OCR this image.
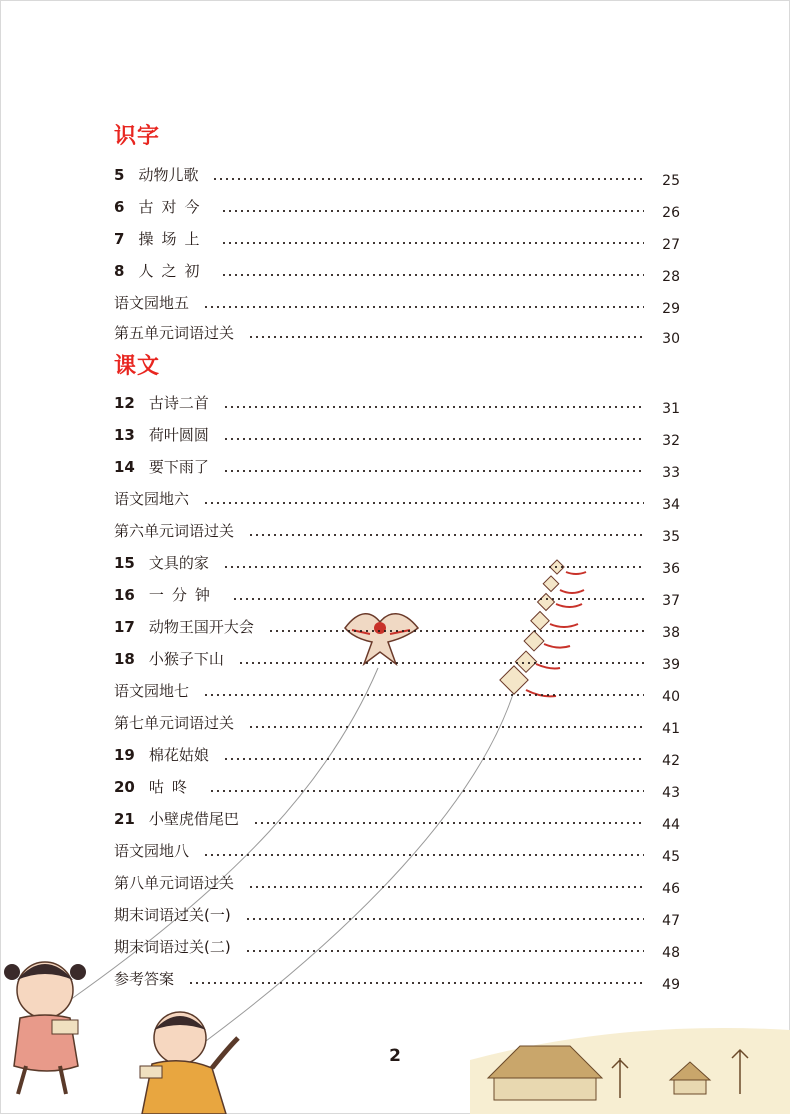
识字
5 动物儿歌	25
6 古对今	26
7 操场上	27
8 人之初	28
语文园地五	29
第五单元词语过关	30
课文
12 古诗二首	31
13 荷叶圆圆	32
14 要下雨了	33
语文园地六	34
第六单元词语过关	35
15 文具的家	36
16 一分钟	37
17 动物王国开大会	38
18 小猴子下山	39
语文园地七	40
第七单元词语过关	41
19 棉花姑娘	42
20 咕咚	43
21 小壁虎借尾巴	44
语文园地八	45
第八单元词语过关	46
期末词语过关(一)	47
期末词语过关(二)	48
参考答案	49
2
